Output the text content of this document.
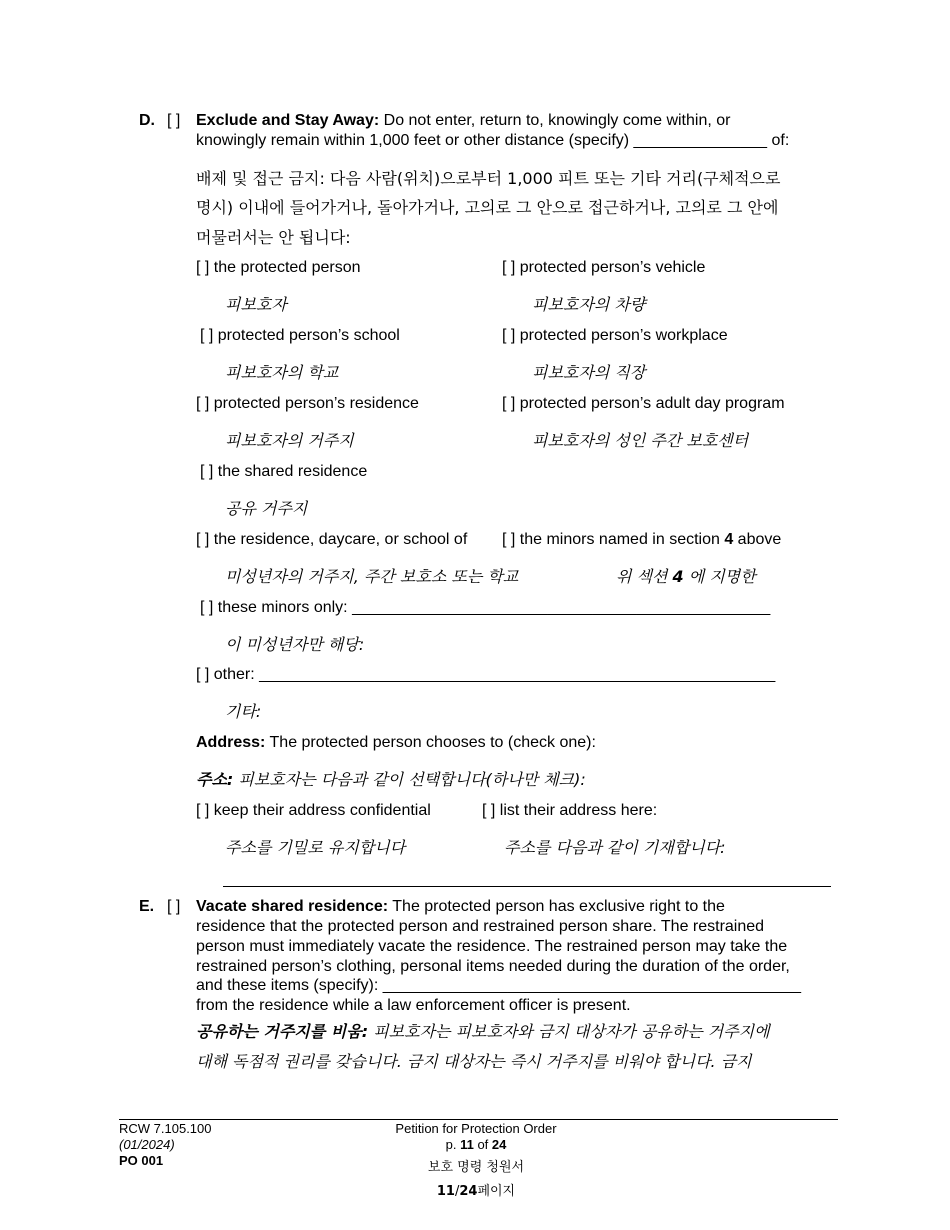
D. [ ] Exclude and Stay Away: Do not enter, return to, knowingly come within, or
knowingly remain within 1,000 feet or other distance (specify) _______________ of:
배제 및 접근 금지: 다음 사람(위치)으로부터 1,000 피트 또는 기타 거리(구체적으로
명시) 이내에 들어가거나, 돌아가거나, 고의로 그 안으로 접근하거나, 고의로 그 안에
머물러서는 안 됩니다:
[ ] the protected person	[ ] protected person’s vehicle
피보호자	피보호자의 차량
[ ] protected person’s school	[ ] protected person’s workplace
피보호자의 학교	피보호자의 직장
[ ] protected person’s residence	[ ] protected person’s adult day program
피보호자의 거주지	피보호자의 성인 주간 보호센터
[ ] the shared residence
공유 거주지
[ ] the residence, daycare, or school of [ ] the minors named in section 4 above
미성년자의 거주지, 주간 보호소 또는 학교	위 섹션 4 에 지명한
[ ] these minors only: _______________________________________________
이 미성년자만 해당:
[ ] other: __________________________________________________________
기타:
Address: The protected person chooses to (check one):
주소: 피보호자는 다음과 같이 선택합니다(하나만 체크):
[ ] keep their address confidential	[ ] list their address here:
주소를 기밀로 유지합니다	주소를 다음과 같이 기재합니다:
E. [ ] Vacate shared residence: The protected person has exclusive right to the
residence that the protected person and restrained person share. The restrained
person must immediately vacate the residence. The restrained person may take the
restrained person’s clothing, personal items needed during the duration of the order,
and these items (specify): _______________________________________________
from the residence while a law enforcement officer is present.
공유하는 거주지를 비움: 피보호자는 피보호자와 금지 대상자가 공유하는 거주지에
대해 독점적 권리를 갖습니다. 금지 대상자는 즉시 거주지를 비워야 합니다. 금지
RCW 7.105.100
(01/2024)
PO 001
Petition for Protection Order
p. 11 of 24
보호 명령 청원서
11/24페이지
